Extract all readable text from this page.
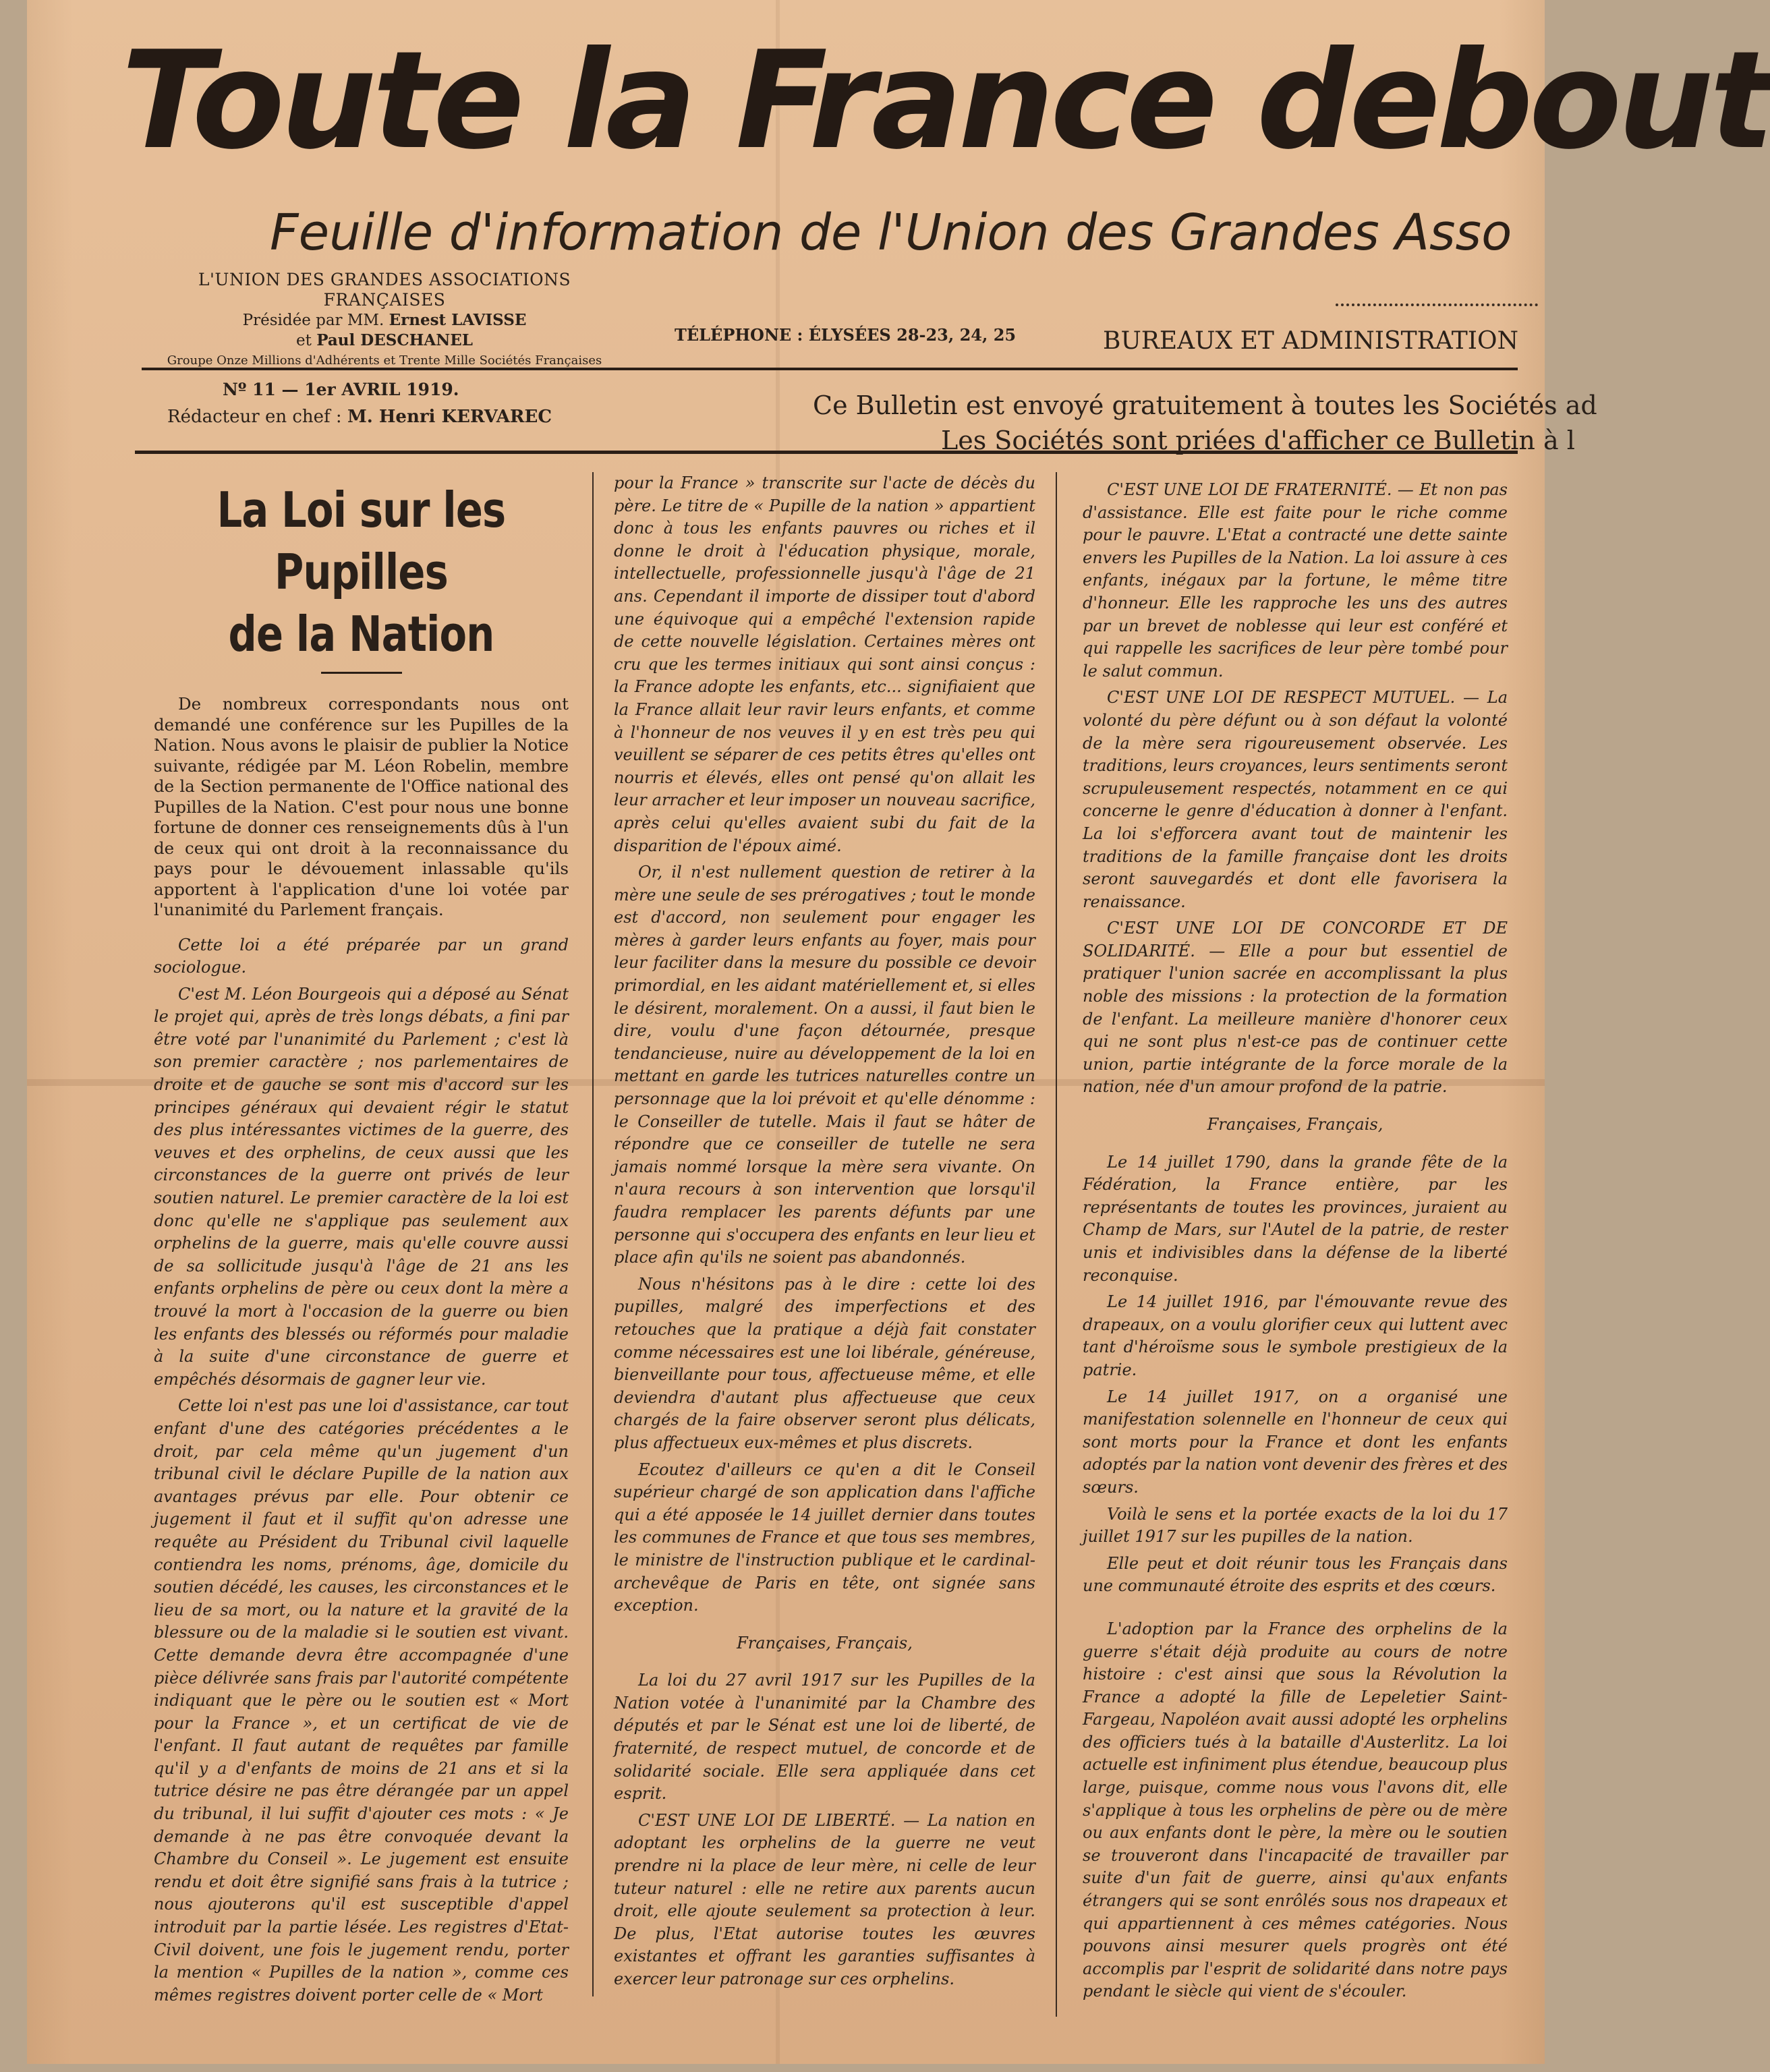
Toute la France debout
Feuille d'information de l'Union des Grandes Asso
L'UNION DES GRANDES ASSOCIATIONS FRANÇAISES
Présidée par MM. Ernest LAVISSE
et Paul DESCHANEL
Groupe Onze Millions d'Adhérents et Trente Mille Sociétés Françaises
TÉLÉPHONE : ÉLYSÉES 28-23, 24, 25	BUREAUX ET ADMINISTRATION
Nº 11 — 1er AVRIL 1919.
Rédacteur en chef : M. Henri KERVAREC	Ce Bulletin est envoyé gratuitement à toutes les Sociétés ad
Les Sociétés sont priées d'afficher ce Bulletin à l
La Loi sur les Pupilles
de la Nation

De nombreux correspondants nous ont demandé une conférence sur les Pupilles de la Nation. Nous avons le plaisir de publier la Notice suivante, rédigée par M. Léon Robelin, membre de la Section permanente de l'Office national des Pupilles de la Nation. C'est pour nous une bonne fortune de donner ces renseignements dûs à l'un de ceux qui ont droit à la reconnaissance du pays pour le dévouement inlassable qu'ils apportent à l'application d'une loi votée par l'unanimité du Parlement français.

Cette loi a été préparée par un grand sociologue.

C'est M. Léon Bourgeois qui a déposé au Sénat le projet qui, après de très longs débats, a fini par être voté par l'unanimité du Parlement ; c'est là son premier caractère ; nos parlementaires de droite et de gauche se sont mis d'accord sur les principes généraux qui devaient régir le statut des plus intéressantes victimes de la guerre, des veuves et des orphelins, de ceux aussi que les circonstances de la guerre ont privés de leur soutien naturel. Le premier caractère de la loi est donc qu'elle ne s'applique pas seulement aux orphelins de la guerre, mais qu'elle couvre aussi de sa sollicitude jusqu'à l'âge de 21 ans les enfants orphelins de père ou ceux dont la mère a trouvé la mort à l'occasion de la guerre ou bien les enfants des blessés ou réformés pour maladie à la suite d'une circonstance de guerre et empêchés désormais de gagner leur vie.

Cette loi n'est pas une loi d'assistance, car tout enfant d'une des catégories précédentes a le droit, par cela même qu'un jugement d'un tribunal civil le déclare Pupille de la nation aux avantages prévus par elle. Pour obtenir ce jugement il faut et il suffit qu'on adresse une requête au Président du Tribunal civil laquelle contiendra les noms, prénoms, âge, domicile du soutien décédé, les causes, les circonstances et le lieu de sa mort, ou la nature et la gravité de la blessure ou de la maladie si le soutien est vivant. Cette demande devra être accompagnée d'une pièce délivrée sans frais par l'autorité compétente indiquant que le père ou le soutien est « Mort pour la France », et un certificat de vie de l'enfant. Il faut autant de requêtes par famille qu'il y a d'enfants de moins de 21 ans et si la tutrice désire ne pas être dérangée par un appel du tribunal, il lui suffit d'ajouter ces mots : « Je demande à ne pas être convoquée devant la Chambre du Conseil ». Le jugement est ensuite rendu et doit être signifié sans frais à la tutrice ; nous ajouterons qu'il est susceptible d'appel introduit par la partie lésée. Les registres d'Etat-Civil doivent, une fois le jugement rendu, porter la mention « Pupilles de la nation », comme ces mêmes registres doivent porter celle de « Mort

pour la France » transcrite sur l'acte de décès du père. Le titre de « Pupille de la nation » appartient donc à tous les enfants pauvres ou riches et il donne le droit à l'éducation physique, morale, intellectuelle, professionnelle jusqu'à l'âge de 21 ans. Cependant il importe de dissiper tout d'abord une équivoque qui a empêché l'extension rapide de cette nouvelle législation. Certaines mères ont cru que les termes initiaux qui sont ainsi conçus : la France adopte les enfants, etc... signifiaient que la France allait leur ravir leurs enfants, et comme à l'honneur de nos veuves il y en est très peu qui veuillent se séparer de ces petits êtres qu'elles ont nourris et élevés, elles ont pensé qu'on allait les leur arracher et leur imposer un nouveau sacrifice, après celui qu'elles avaient subi du fait de la disparition de l'époux aimé.

Or, il n'est nullement question de retirer à la mère une seule de ses prérogatives ; tout le monde est d'accord, non seulement pour engager les mères à garder leurs enfants au foyer, mais pour leur faciliter dans la mesure du possible ce devoir primordial, en les aidant matériellement et, si elles le désirent, moralement. On a aussi, il faut bien le dire, voulu d'une façon détournée, presque tendancieuse, nuire au développement de la loi en mettant en garde les tutrices naturelles contre un personnage que la loi prévoit et qu'elle dénomme : le Conseiller de tutelle. Mais il faut se hâter de répondre que ce conseiller de tutelle ne sera jamais nommé lorsque la mère sera vivante. On n'aura recours à son intervention que lorsqu'il faudra remplacer les parents défunts par une personne qui s'occupera des enfants en leur lieu et place afin qu'ils ne soient pas abandonnés.

Nous n'hésitons pas à le dire : cette loi des pupilles, malgré des imperfections et des retouches que la pratique a déjà fait constater comme nécessaires est une loi libérale, généreuse, bienveillante pour tous, affectueuse même, et elle deviendra d'autant plus affectueuse que ceux chargés de la faire observer seront plus délicats, plus affectueux eux-mêmes et plus discrets.

Ecoutez d'ailleurs ce qu'en a dit le Conseil supérieur chargé de son application dans l'affiche qui a été apposée le 14 juillet dernier dans toutes les communes de France et que tous ses membres, le ministre de l'instruction publique et le cardinal-archevêque de Paris en tête, ont signée sans exception.

Françaises, Français,

La loi du 27 avril 1917 sur les Pupilles de la Nation votée à l'unanimité par la Chambre des députés et par le Sénat est une loi de liberté, de fraternité, de respect mutuel, de concorde et de solidarité sociale. Elle sera appliquée dans cet esprit.

C'EST UNE LOI DE LIBERTÉ. — La nation en adoptant les orphelins de la guerre ne veut prendre ni la place de leur mère, ni celle de leur tuteur naturel : elle ne retire aux parents aucun droit, elle ajoute seulement sa protection à leur. De plus, l'Etat autorise toutes les œuvres existantes et offrant les garanties suffisantes à exercer leur patronage sur ces orphelins.

C'EST UNE LOI DE FRATERNITÉ. — Et non pas d'assistance. Elle est faite pour le riche comme pour le pauvre. L'Etat a contracté une dette sainte envers les Pupilles de la Nation. La loi assure à ces enfants, inégaux par la fortune, le même titre d'honneur. Elle les rapproche les uns des autres par un brevet de noblesse qui leur est conféré et qui rappelle les sacrifices de leur père tombé pour le salut commun.

C'EST UNE LOI DE RESPECT MUTUEL. — La volonté du père défunt ou à son défaut la volonté de la mère sera rigoureusement observée. Les traditions, leurs croyances, leurs sentiments seront scrupuleusement respectés, notamment en ce qui concerne le genre d'éducation à donner à l'enfant. La loi s'efforcera avant tout de maintenir les traditions de la famille française dont les droits seront sauvegardés et dont elle favorisera la renaissance.

C'EST UNE LOI DE CONCORDE ET DE SOLIDARITÉ. — Elle a pour but essentiel de pratiquer l'union sacrée en accomplissant la plus noble des missions : la protection de la formation de l'enfant. La meilleure manière d'honorer ceux qui ne sont plus n'est-ce pas de continuer cette union, partie intégrante de la force morale de la nation, née d'un amour profond de la patrie.

Françaises, Français,

Le 14 juillet 1790, dans la grande fête de la Fédération, la France entière, par les représentants de toutes les provinces, juraient au Champ de Mars, sur l'Autel de la patrie, de rester unis et indivisibles dans la défense de la liberté reconquise.

Le 14 juillet 1916, par l'émouvante revue des drapeaux, on a voulu glorifier ceux qui luttent avec tant d'héroïsme sous le symbole prestigieux de la patrie.

Le 14 juillet 1917, on a organisé une manifestation solennelle en l'honneur de ceux qui sont morts pour la France et dont les enfants adoptés par la nation vont devenir des frères et des sœurs.

Voilà le sens et la portée exacts de la loi du 17 juillet 1917 sur les pupilles de la nation.

Elle peut et doit réunir tous les Français dans une communauté étroite des esprits et des cœurs.

L'adoption par la France des orphelins de la guerre s'était déjà produite au cours de notre histoire : c'est ainsi que sous la Révolution la France a adopté la fille de Lepeletier Saint-Fargeau, Napoléon avait aussi adopté les orphelins des officiers tués à la bataille d'Austerlitz. La loi actuelle est infiniment plus étendue, beaucoup plus large, puisque, comme nous vous l'avons dit, elle s'applique à tous les orphelins de père ou de mère ou aux enfants dont le père, la mère ou le soutien se trouveront dans l'incapacité de travailler par suite d'un fait de guerre, ainsi qu'aux enfants étrangers qui se sont enrôlés sous nos drapeaux et qui appartiennent à ces mêmes catégories. Nous pouvons ainsi mesurer quels progrès ont été accomplis par l'esprit de solidarité dans notre pays pendant le siècle qui vient de s'écouler.
